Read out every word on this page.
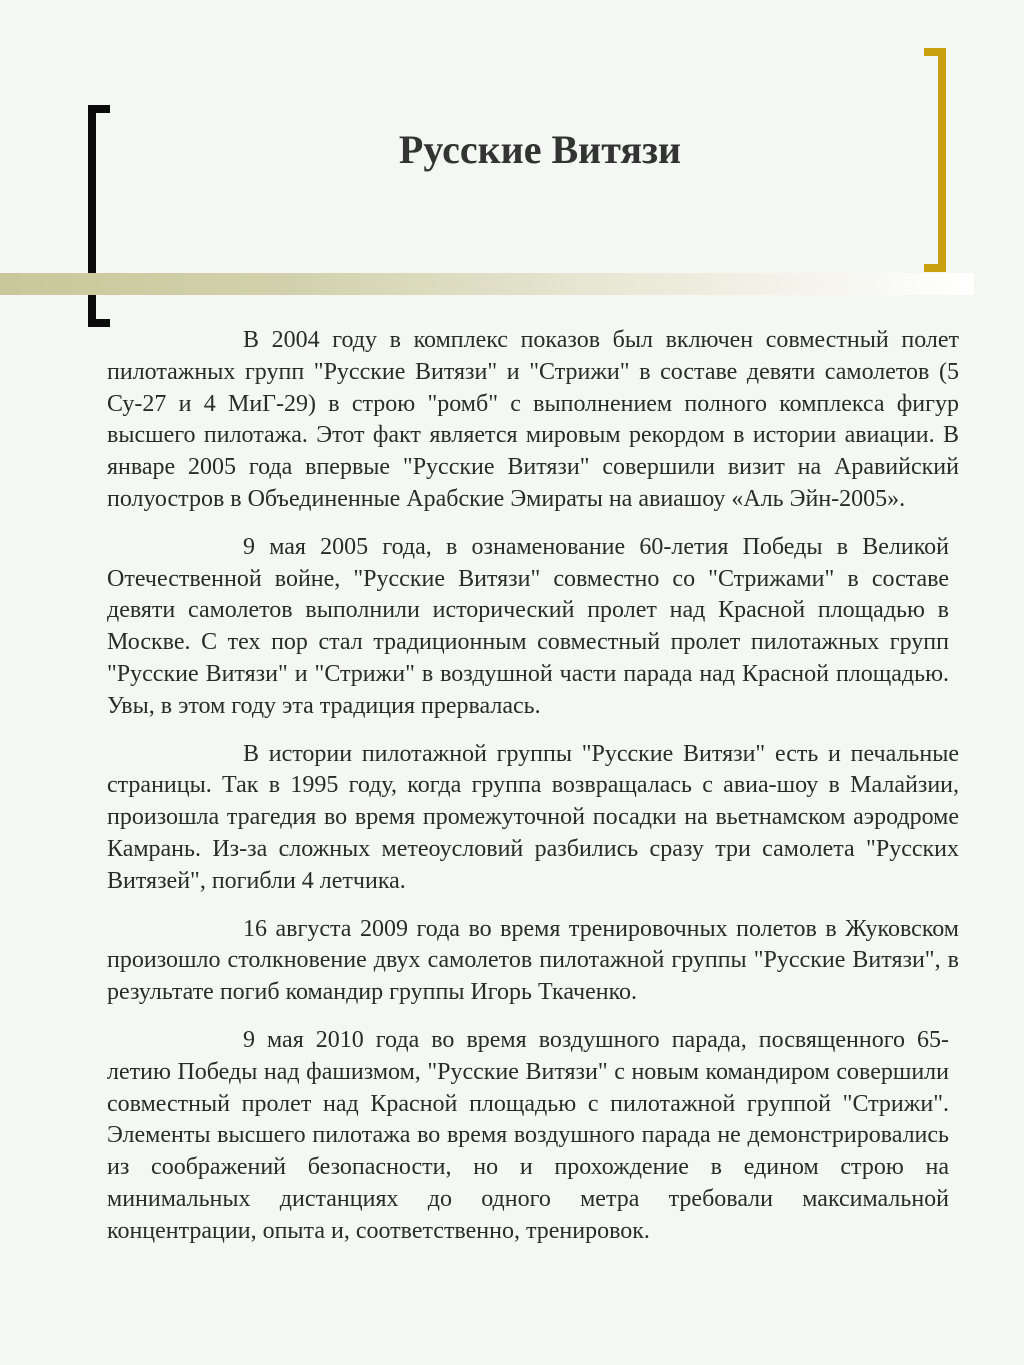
Русские Витязи

В 2004 году в комплекс показов был включен совместный полет пилотажных групп "Русские Витязи" и "Стрижи" в составе девяти самолетов (5 Су-27 и 4 МиГ-29) в строю "ромб" с выполнением полного комплекса фигур высшего пилотажа. Этот факт является мировым рекордом в истории авиации. В январе 2005 года впервые "Русские Витязи" совершили визит на Аравийский полуостров в Объединенные Арабские Эмираты на авиашоу «Аль Эйн-2005».

9 мая 2005 года, в ознаменование 60-летия Победы в Великой Отечественной войне, "Русские Витязи" совместно со "Стрижами" в составе девяти самолетов выполнили исторический пролет над Красной площадью в Москве. С тех пор стал традиционным совместный пролет пилотажных групп "Русские Витязи" и "Стрижи" в воздушной части парада над Красной площадью. Увы, в этом году эта традиция прервалась.

В истории пилотажной группы "Русские Витязи" есть и печальные страницы. Так в 1995 году, когда группа возвращалась с авиа-шоу в Малайзии, произошла трагедия во время промежуточной посадки на вьетнамском аэродроме Камрань. Из-за сложных метеоусловий разбились сразу три самолета "Русских Витязей", погибли 4 летчика.

16 августа 2009 года во время тренировочных полетов в Жуковском произошло столкновение двух самолетов пилотажной группы "Русские Витязи", в результате погиб командир группы Игорь Ткаченко.

9 мая 2010 года во время воздушного парада, посвященного 65-летию Победы над фашизмом, "Русские Витязи" с новым командиром совершили совместный пролет над Красной площадью с пилотажной группой "Стрижи". Элементы высшего пилотажа во время воздушного парада не демонстрировались из соображений безопасности, но и прохождение в едином строю на минимальных дистанциях до одного метра требовали максимальной концентрации, опыта и, соответственно, тренировок.
